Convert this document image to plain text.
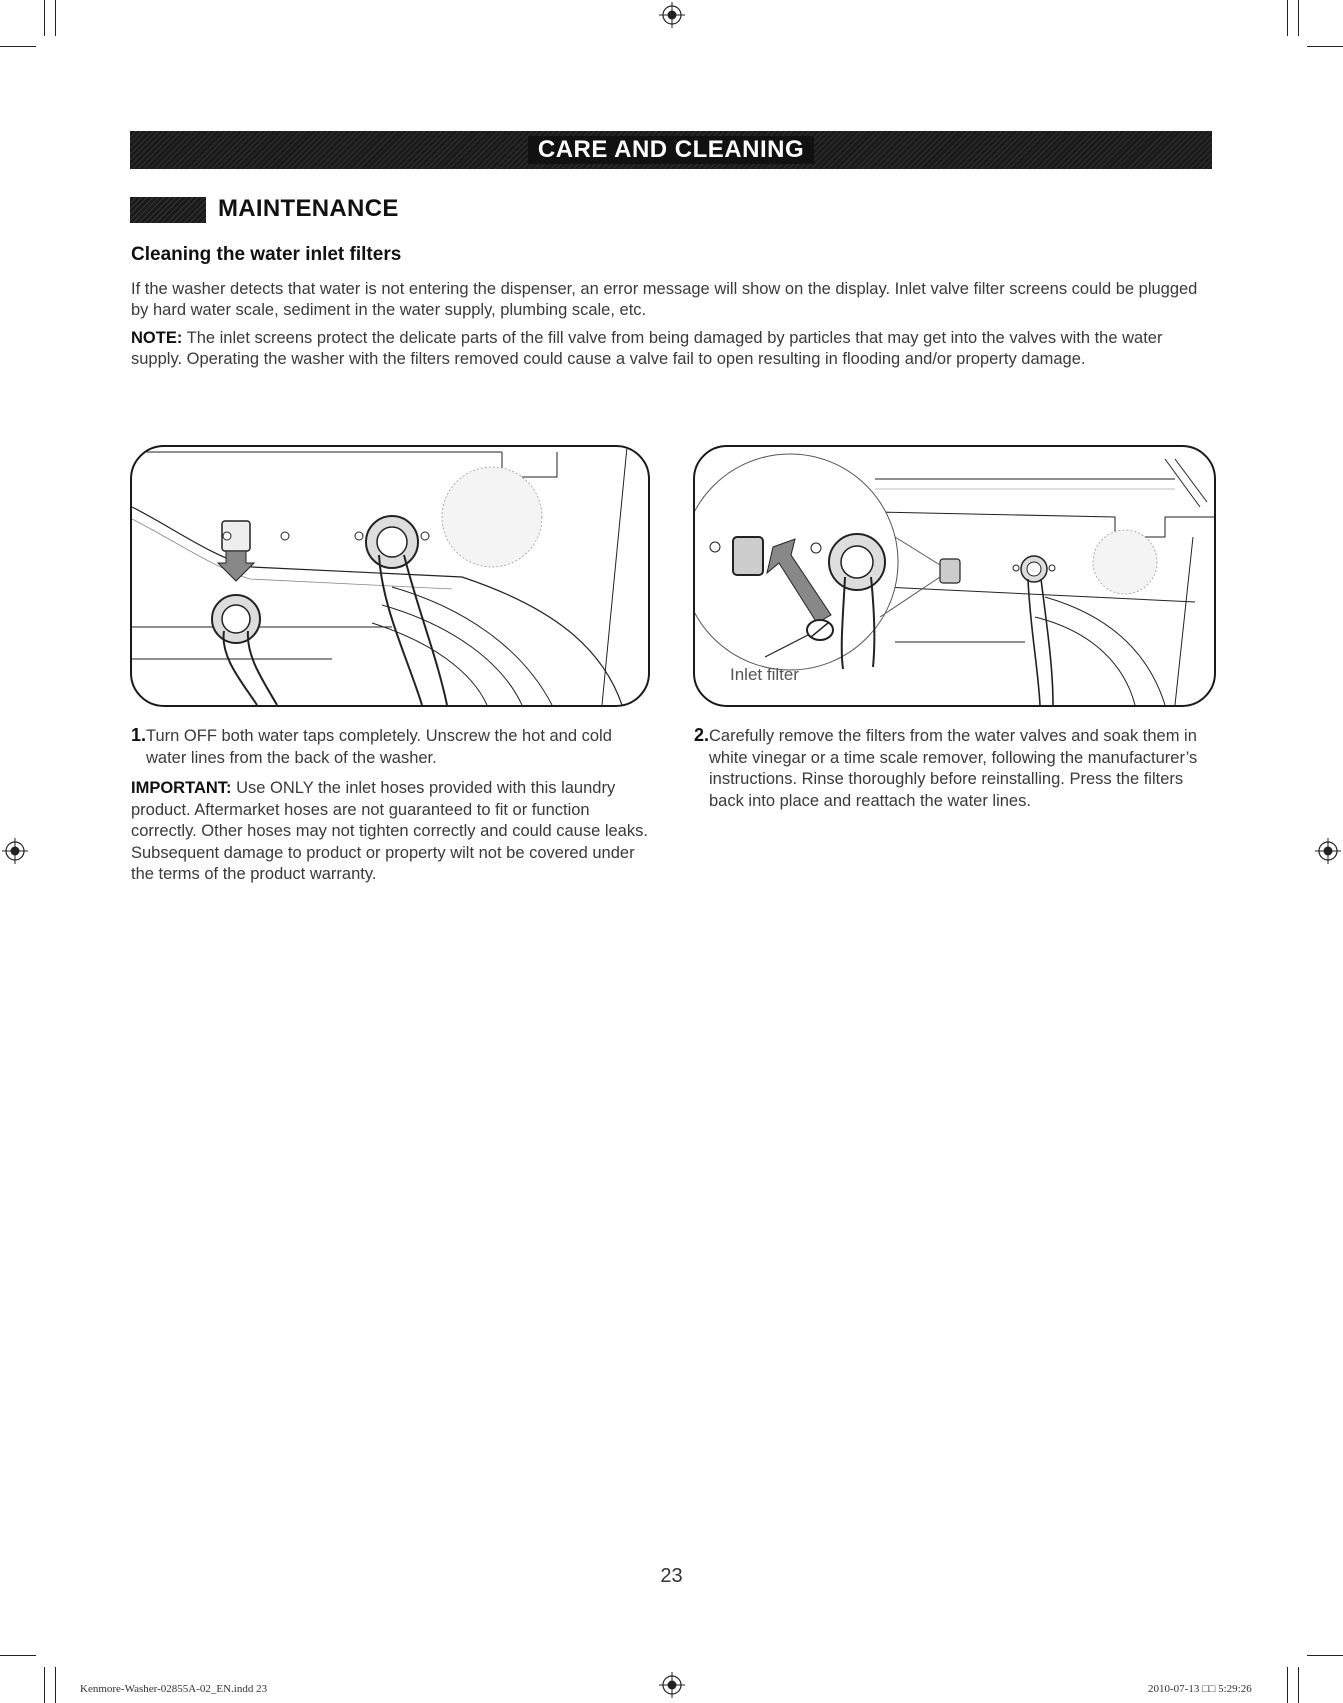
CARE AND CLEANING
MAINTENANCE
Cleaning the water inlet filters
If the washer detects that water is not entering the dispenser, an error message will show on the display. Inlet valve filter screens could be plugged by hard water scale, sediment in the water supply, plumbing scale, etc.
NOTE: The inlet screens protect the delicate parts of the fill valve from being damaged by particles that may get into the valves with the water supply. Operating the washer with the filters removed could cause a valve fail to open resulting in flooding and/or property damage.
Inlet filter

1.Turn OFF both water taps completely. Unscrew the hot and cold water lines from the back of the washer.

IMPORTANT: Use ONLY the inlet hoses provided with this laundry product. Aftermarket hoses are not guaranteed to fit or function correctly. Other hoses may not tighten correctly and could cause leaks. Subsequent damage to product or property wilt not be covered under the terms of the product warranty.

2.Carefully remove the filters from the water valves and soak them in white vinegar or a time scale remover, following the manufacturer’s instructions. Rinse thoroughly before reinstalling. Press the filters back into place and reattach the water lines.

23
Kenmore-Washer-02855A-02_EN.indd 23	2010-07-13 □□ 5:29:26
